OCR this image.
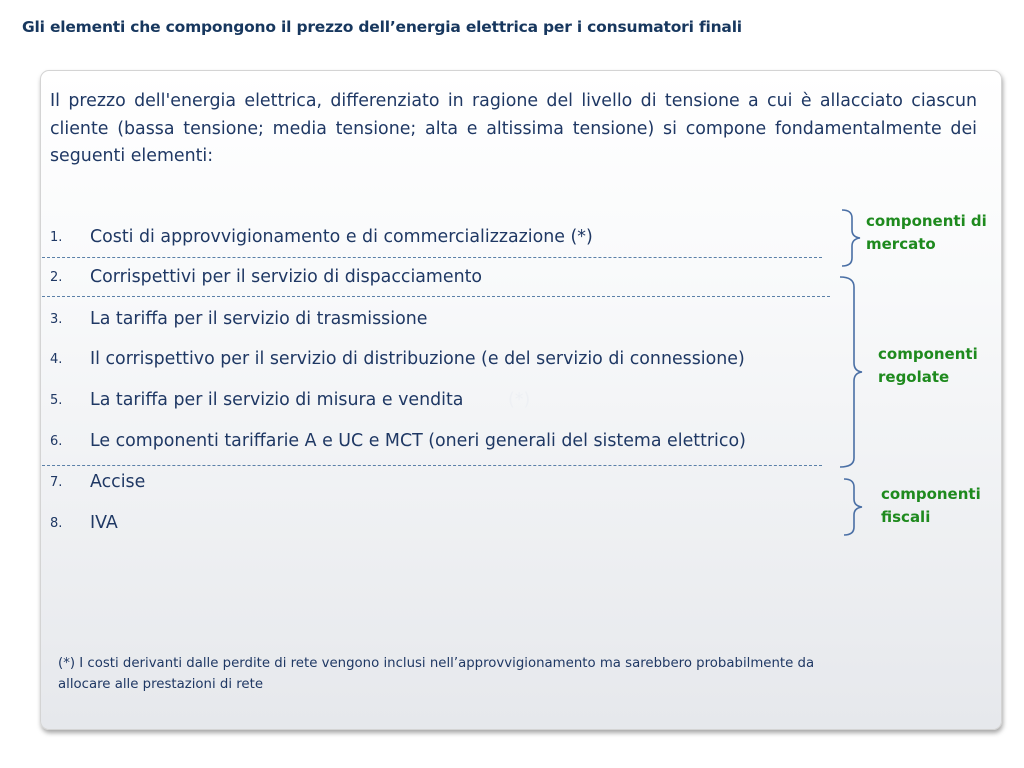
Gli elementi che compongono il prezzo dell’energia elettrica per i consumatori finali
Il prezzo dell'energia elettrica, differenziato in ragione del livello di tensione a cui è allacciato ciascun cliente (bassa tensione; media tensione; alta e altissima tensione) si compone fondamentalmente dei seguenti elementi:
1. Costi di approvvigionamento e di commercializzazione (*)
2. Corrispettivi per il servizio di dispacciamento
3. La tariffa per il servizio di trasmissione
4. Il corrispettivo per il servizio di distribuzione (e del servizio di connessione)
5. La tariffa per il servizio di misura e vendita	(*)
6. Le componenti tariffarie A e UC e MCT (oneri generali del sistema elettrico)
7. Accise
8. IVA
componenti di
mercato
componenti
regolate
componenti
fiscali
(*) I costi derivanti dalle perdite di rete vengono inclusi nell’approvvigionamento ma sarebbero probabilmente da allocare alle prestazioni di rete
